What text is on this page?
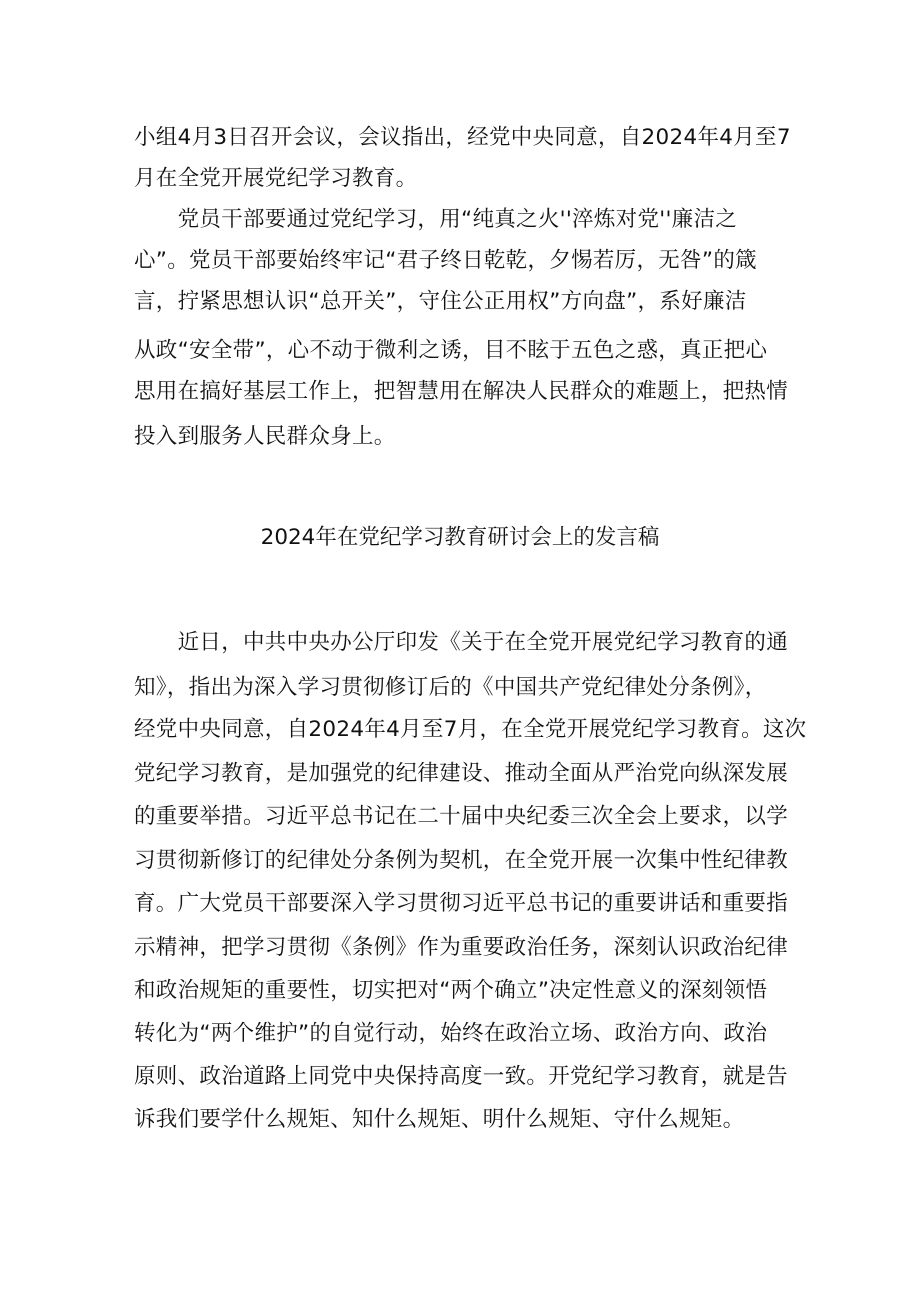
小组4月3日召开会议，会议指出，经党中央同意，自2024年4月至7
月在全党开展党纪学习教育。
　　党员干部要通过党纪学习，用“纯真之火''淬炼对党''廉洁之
心”。党员干部要始终牢记“君子终日乾乾，夕惕若厉，无咎”的箴
言，拧紧思想认识“总开关”，守住公正用权”方向盘”，系好廉洁
从政“安全带”，心不动于微利之诱，目不眩于五色之惑，真正把心
思用在搞好基层工作上，把智慧用在解决人民群众的难题上，把热情
投入到服务人民群众身上。
2024年在党纪学习教育研讨会上的发言稿
　　近日，中共中央办公厅印发《关于在全党开展党纪学习教育的通
知》，指出为深入学习贯彻修订后的《中国共产党纪律处分条例》，
经党中央同意，自2024年4月至7月，在全党开展党纪学习教育。这次
党纪学习教育，是加强党的纪律建设、推动全面从严治党向纵深发展
的重要举措。习近平总书记在二十届中央纪委三次全会上要求，以学
习贯彻新修订的纪律处分条例为契机，在全党开展一次集中性纪律教
育。广大党员干部要深入学习贯彻习近平总书记的重要讲话和重要指
示精神，把学习贯彻《条例》作为重要政治任务，深刻认识政治纪律
和政治规矩的重要性，切实把对“两个确立”决定性意义的深刻领悟
转化为“两个维护”的自觉行动，始终在政治立场、政治方向、政治
原则、政治道路上同党中央保持高度一致。开党纪学习教育，就是告
诉我们要学什么规矩、知什么规矩、明什么规矩、守什么规矩。
